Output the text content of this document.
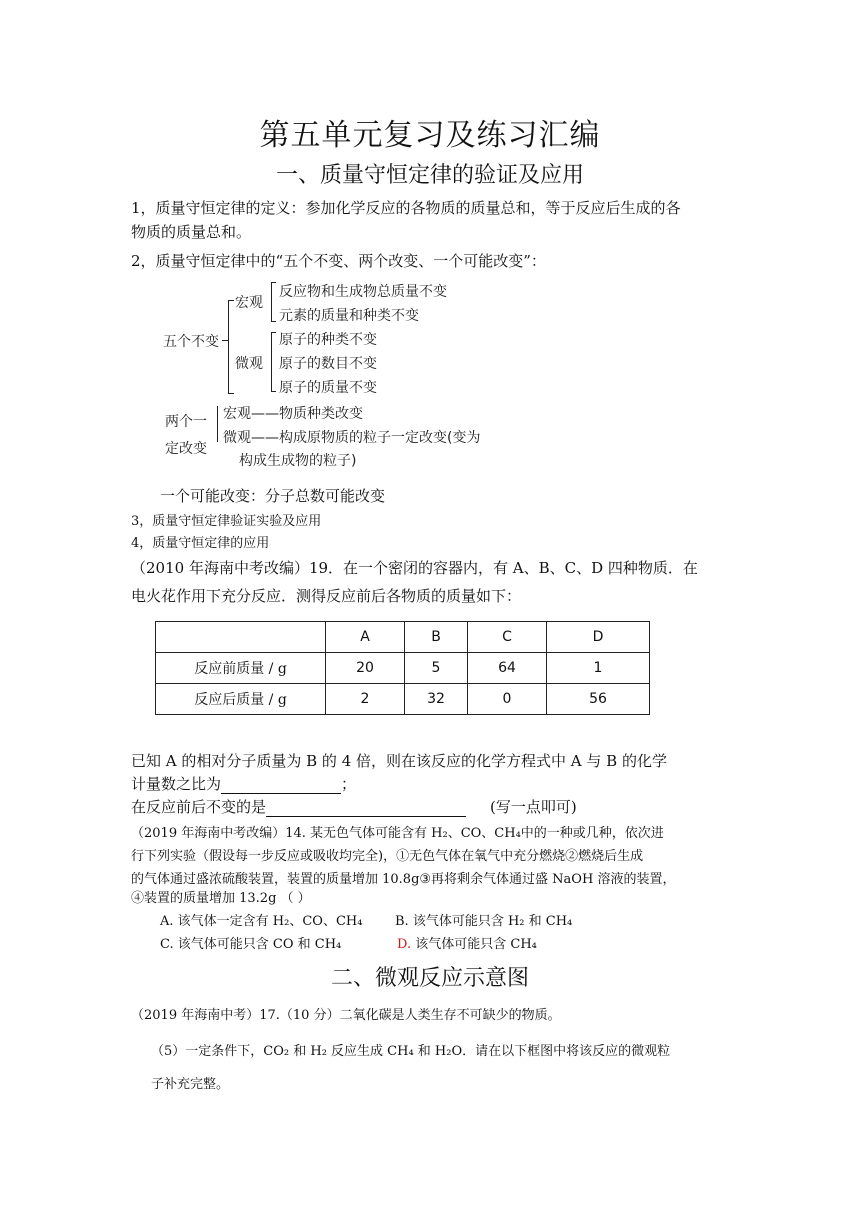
第五单元复习及练习汇编
一、质量守恒定律的验证及应用
1，质量守恒定律的定义：参加化学反应的各物质的质量总和，等于反应后生成的各
物质的质量总和。
2，质量守恒定律中的“五个不变、两个改变、一个可能改变”：
五个不变
宏观
微观
反应物和生成物总质量不变
元素的质量和种类不变
原子的种类不变
原子的数目不变
原子的质量不变
两个一
定改变
宏观——物质种类改变
微观——构成原物质的粒子一定改变(变为
构成生成物的粒子)
一个可能改变：分子总数可能改变
3，质量守恒定律验证实验及应用
4，质量守恒定律的应用
（2010 年海南中考改编）19．在一个密闭的容器内，有 A、B、C、D 四种物质．在
电火花作用下充分反应．测得反应前后各物质的质量如下：
	A	B	C	D
反应前质量 / g	20	5	64	1
反应后质量 / g	2	32	0	56
已知 A 的相对分子质量为 B 的 4 倍，则在该反应的化学方程式中 A 与 B 的化学
计量数之比为	；
在反应前后不变的是	(写一点叩可)
（2019 年海南中考改编）14. 某无色气体可能含有 H₂、CO、CH₄中的一种或几种，依次进
行下列实验（假设每一步反应或吸收均完全)，①无色气体在氧气中充分燃烧②燃烧后生成
的气体通过盛浓硫酸装置，装置的质量增加 10.8g③再将剩余气体通过盛 NaOH 溶液的装置，
④装置的质量增加 13.2g （ ）
A. 该气体一定含有 H₂、CO、CH₄	B. 该气体可能只含 H₂ 和 CH₄
C. 该气体可能只含 CO 和 CH₄	D. 该气体可能只含 CH₄
二、微观反应示意图
（2019 年海南中考）17.（10 分）二氧化碳是人类生存不可缺少的物质。
（5）一定条件下，CO₂ 和 H₂ 反应生成 CH₄ 和 H₂O．请在以下框图中将该反应的微观粒
子补充完整。
